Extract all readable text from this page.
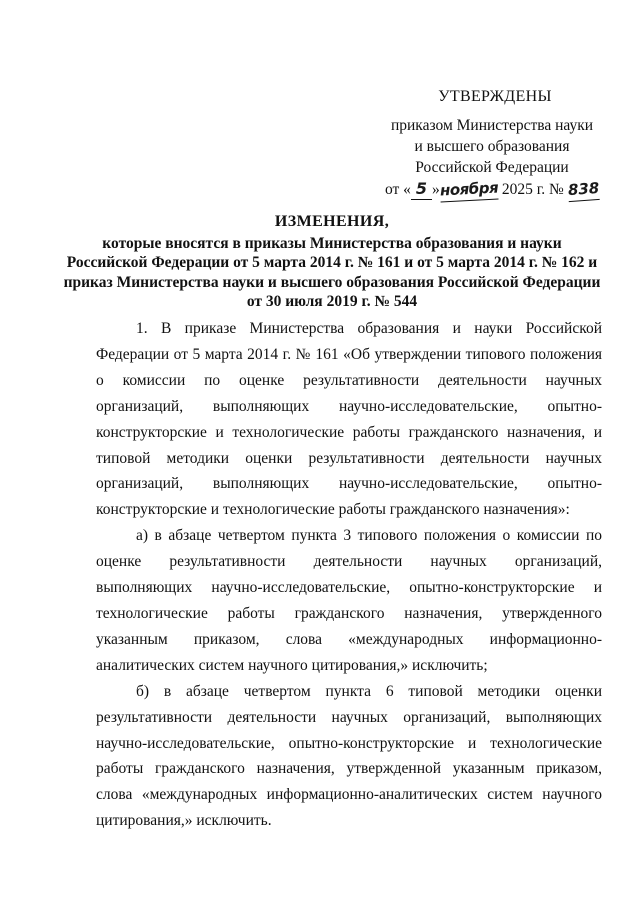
УТВЕРЖДЕНЫ
приказом Министерства науки
и высшего образования
Российской Федерации
от « 5 »ноября 2025 г. № 838
ИЗМЕНЕНИЯ,
которые вносятся в приказы Министерства образования и науки Российской Федерации от 5 марта 2014 г. № 161 и от 5 марта 2014 г. № 162 и приказ Министерства науки и высшего образования Российской Федерации от 30 июля 2019 г. № 544

1. В приказе Министерства образования и науки Российской Федерации от 5 марта 2014 г. № 161 «Об утверждении типового положения о комиссии по оценке результативности деятельности научных организаций, выполняющих научно-исследовательские, опытно-конструкторские и технологические работы гражданского назначения, и типовой методики оценки результативности деятельности научных организаций, выполняющих научно-исследовательские, опытно-конструкторские и технологические работы гражданского назначения»:

а) в абзаце четвертом пункта 3 типового положения о комиссии по оценке результативности деятельности научных организаций, выполняющих научно-исследовательские, опытно-конструкторские и технологические работы гражданского назначения, утвержденного указанным приказом, слова «международных информационно-аналитических систем научного цитирования,» исключить;

б) в абзаце четвертом пункта 6 типовой методики оценки результативности деятельности научных организаций, выполняющих научно-исследовательские, опытно-конструкторские и технологические работы гражданского назначения, утвержденной указанным приказом, слова «международных информационно-аналитических систем научного цитирования,» исключить.
